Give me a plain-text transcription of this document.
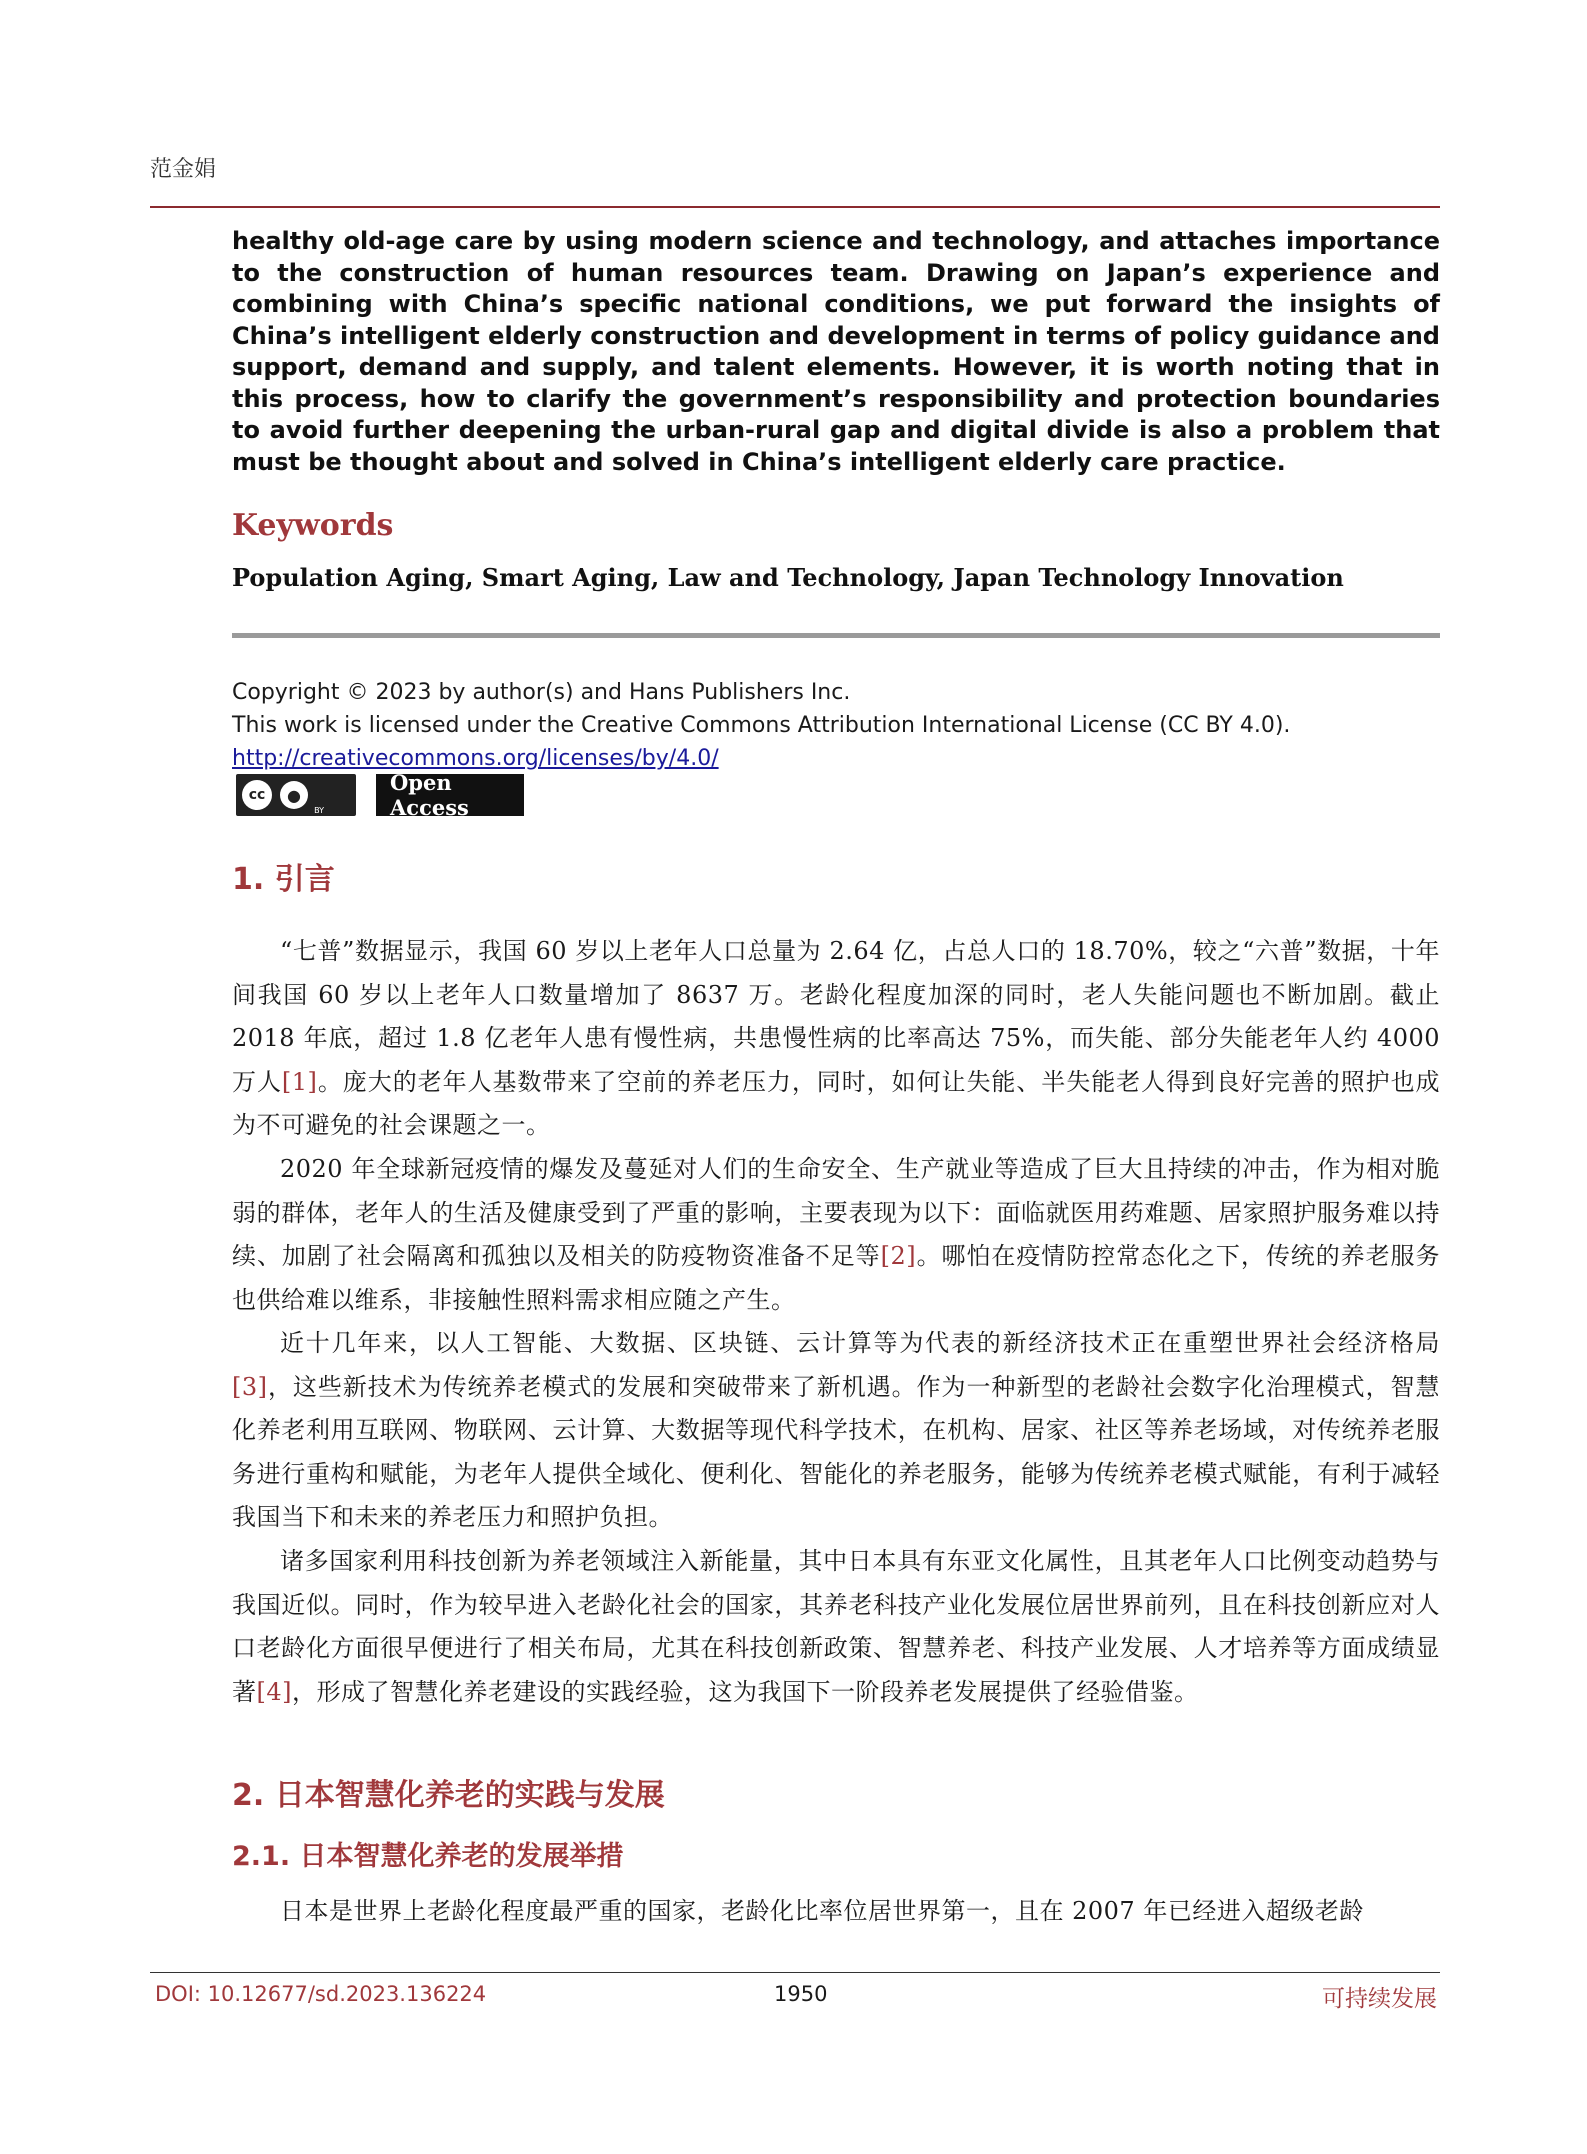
范金娟

healthy old-age care by using modern science and technology, and attaches importance to the construction of human resources team. Drawing on Japan’s experience and combining with China’s specific national conditions, we put forward the insights of China’s intelligent elderly construction and development in terms of policy guidance and support, demand and supply, and talent elements. However, it is worth noting that in this process, how to clarify the government’s responsibility and protection boundaries to avoid further deepening the urban-rural gap and digital divide is also a problem that must be thought about and solved in China’s intelligent elderly care practice.

Keywords

Population Aging, Smart Aging, Law and Technology, Japan Technology Innovation

Copyright © 2023 by author(s) and Hans Publishers Inc.
This work is licensed under the Creative Commons Attribution International License (CC BY 4.0).
http://creativecommons.org/licenses/by/4.0/
cc	●
BY
Open Access
1. 引言

“七普”数据显示，我国 60 岁以上老年人口总量为 2.64 亿，占总人口的 18.70%，较之“六普”数据，十年间我国 60 岁以上老年人口数量增加了 8637 万。老龄化程度加深的同时，老人失能问题也不断加剧。截止 2018 年底，超过 1.8 亿老年人患有慢性病，共患慢性病的比率高达 75%，而失能、部分失能老年人约 4000 万人[1]。庞大的老年人基数带来了空前的养老压力，同时，如何让失能、半失能老人得到良好完善的照护也成为不可避免的社会课题之一。

2020 年全球新冠疫情的爆发及蔓延对人们的生命安全、生产就业等造成了巨大且持续的冲击，作为相对脆弱的群体，老年人的生活及健康受到了严重的影响，主要表现为以下：面临就医用药难题、居家照护服务难以持续、加剧了社会隔离和孤独以及相关的防疫物资准备不足等[2]。哪怕在疫情防控常态化之下，传统的养老服务也供给难以维系，非接触性照料需求相应随之产生。

近十几年来，以人工智能、大数据、区块链、云计算等为代表的新经济技术正在重塑世界社会经济格局[3]，这些新技术为传统养老模式的发展和突破带来了新机遇。作为一种新型的老龄社会数字化治理模式，智慧化养老利用互联网、物联网、云计算、大数据等现代科学技术，在机构、居家、社区等养老场域，对传统养老服务进行重构和赋能，为老年人提供全域化、便利化、智能化的养老服务，能够为传统养老模式赋能，有利于减轻我国当下和未来的养老压力和照护负担。

诸多国家利用科技创新为养老领域注入新能量，其中日本具有东亚文化属性，且其老年人口比例变动趋势与我国近似。同时，作为较早进入老龄化社会的国家，其养老科技产业化发展位居世界前列，且在科技创新应对人口老龄化方面很早便进行了相关布局，尤其在科技创新政策、智慧养老、科技产业发展、人才培养等方面成绩显著[4]，形成了智慧化养老建设的实践经验，这为我国下一阶段养老发展提供了经验借鉴。

2. 日本智慧化养老的实践与发展
2.1. 日本智慧化养老的发展举措

日本是世界上老龄化程度最严重的国家，老龄化比率位居世界第一，且在 2007 年已经进入超级老龄

DOI: 10.12677/sd.2023.136224	1950	可持续发展
